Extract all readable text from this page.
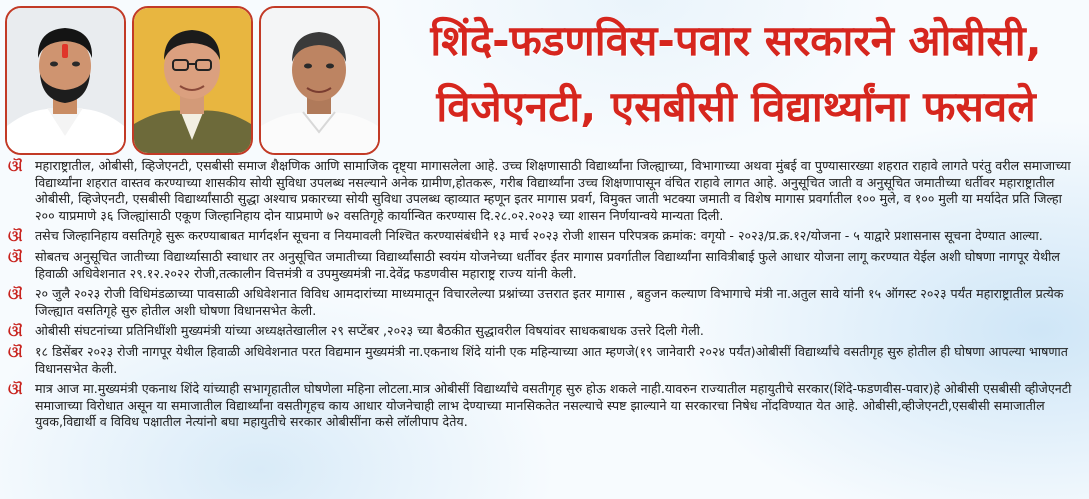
शिंदे-फडणविस-पवार सरकारने ओबीसी,
विजेएनटी, एसबीसी विद्यार्थ्यांना फसवले
ଔ महाराष्ट्रातील, ओबीसी, व्हिजेएनटी, एसबीसी समाज शैक्षणिक आणि सामाजिक दृष्ट्या मागासलेला आहे. उच्च शिक्षणासाठी विद्यार्थ्यांना जिल्ह्याच्या, विभागाच्या अथवा मुंबई वा पुण्यासारख्या शहरात राहावे लागते परंतु वरील समाजाच्या विद्यार्थ्यांना शहरात वास्तव करण्याच्या शासकीय सोयी सुविधा उपलब्ध नसल्याने अनेक ग्रामीण,होतकरू, गरीब विद्यार्थ्यांना उच्च शिक्षणापासून वंचित राहावे लागत आहे. अनुसूचित जाती व अनुसूचित जमातीच्या धर्तीवर महाराष्ट्रातील ओबीसी, व्हिजेएनटी, एसबीसी विद्यार्थ्यांसाठी सुद्धा अश्याच प्रकारच्या सोयी सुविधा उपलब्ध व्हाव्यात म्हणून इतर मागास प्रवर्ग, विमुक्त जाती भटक्या जमाती व विशेष मागास प्रवर्गातील १०० मुले, व १०० मुली या मर्यादेत प्रति जिल्हा २०० याप्रमाणे ३६ जिल्ह्यांसाठी एकूण जिल्हानिहाय दोन याप्रमाणे ७२ वसतिगृहे कार्यान्वित करण्यास दि.२८.०२.२०२३ च्या शासन निर्णयान्वये मान्यता दिली.
ଔ तसेच जिल्हानिहाय वसतिगृहे सुरू करण्याबाबत मार्गदर्शन सूचना व नियमावली निश्चित करण्यासंबंधीने १३ मार्च २०२३ रोजी शासन परिपत्रक क्रमांक: वगृयो - २०२३/प्र.क्र.१२/योजना - ५ याद्वारे प्रशासनास सूचना देण्यात आल्या.
ଔ सोबतच अनुसूचित जातीच्या विद्यार्थ्यासाठी स्वाधार तर अनुसूचित जमातीच्या विद्यार्थ्यांसाठी स्वयंम योजनेच्या धर्तीवर ईतर मागास प्रवर्गातील विद्यार्थ्यांना सावित्रीबाई फुले आधार योजना लागू करण्यात येईल अशी घोषणा नागपूर येथील हिवाळी अधिवेशनात २९.१२.२०२२ रोजी,तत्कालीन वित्तमंत्री व उपमुख्यमंत्री ना.देवेंद्र फडणवीस महाराष्ट्र राज्य यांनी केली.
ଔ २० जुलै २०२३ रोजी विधिमंडळाच्या पावसाळी अधिवेशनात विविध आमदारांच्या माध्यमातून विचारलेल्या प्रश्नांच्या उत्तरात इतर मागास , बहुजन कल्याण विभागाचे मंत्री ना.अतुल सावे यांनी १५ ऑगस्ट २०२३ पर्यंत महाराष्ट्रातील प्रत्येक जिल्ह्यात वसतिगृहे सुरु होतील अशी घोषणा विधानसभेत केली.
ଔ ओबीसी संघटनांच्या प्रतिनिधींशी मुख्यमंत्री यांच्या अध्यक्षतेखालील २९ सप्टेंबर ,२०२३ च्या बैठकीत सुद्धावरील विषयांवर साधकबाधक उत्तरे दिली गेली.
ଔ १८ डिसेंबर २०२३ रोजी नागपूर येथील हिवाळी अधिवेशनात परत विद्यमान मुख्यमंत्री ना.एकनाथ शिंदे यांनी एक महिन्याच्या आत म्हणजे(१९ जानेवारी २०२४ पर्यंत)ओबीसीं विद्यार्थ्यांचे वसतीगृह सुरु होतील ही घोषणा आपल्या भाषणात विधानसभेत केली.
ଔ मात्र आज मा.मुख्यमंत्री एकनाथ शिंदे यांच्याही सभागृहातील घोषणेला महिना लोटला.मात्र ओबीसीं विद्यार्थ्यांचे वसतीगृह सुरु होऊ शकले नाही.यावरुन राज्यातील महायुतीचे सरकार(शिंदे-फडणवीस-पवार)हे ओबीसी एसबीसी व्हीजेएनटी समाजाच्या विरोधात असून या समाजातील विद्यार्थ्यांना वसतीगृहच काय आधार योजनेचाही लाभ देण्याच्या मानसिकतेत नसल्याचे स्पष्ट झाल्याने या सरकारचा निषेध नोंदविण्यात येत आहे. ओबीसी,व्हीजेएनटी,एसबीसी समाजातील युवक,विद्यार्थी व विविध पक्षातील नेत्यांनो बघा महायुतीचे सरकार ओबीसींना कसे लॉलीपाप देतेय.
